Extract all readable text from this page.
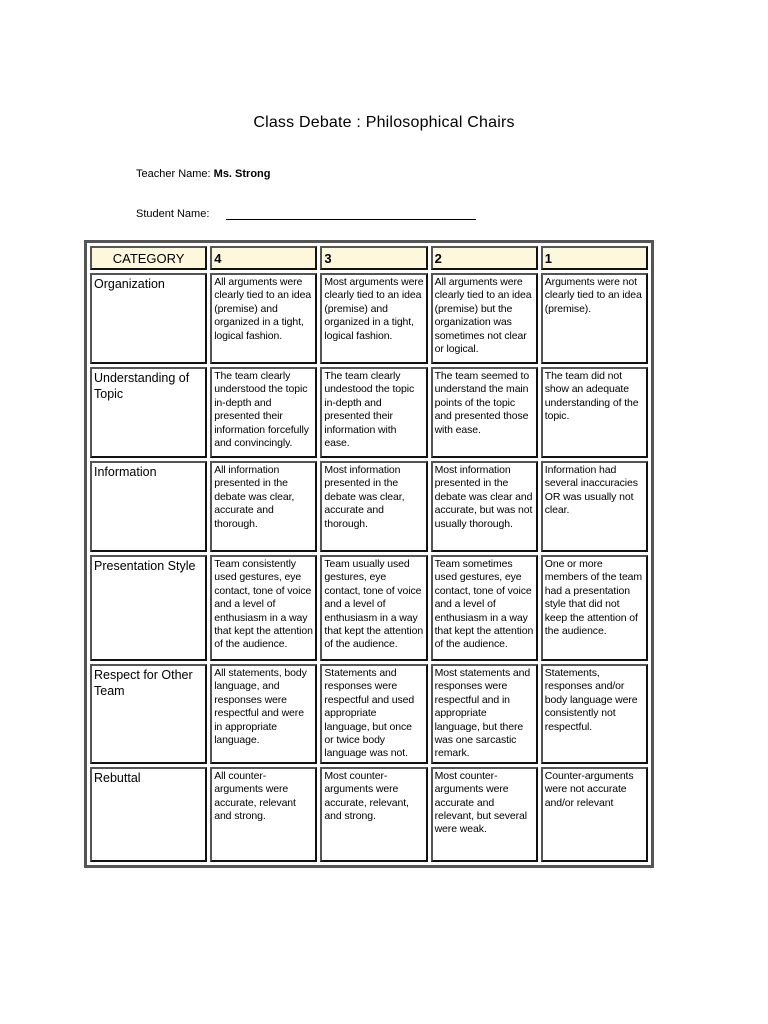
Class Debate : Philosophical Chairs
Teacher Name: Ms. Strong
Student Name:
CATEGORY	4	3	2	1
Organization	All arguments were clearly tied to an idea (premise) and organized in a tight, logical fashion.	Most arguments were clearly tied to an idea (premise) and organized in a tight, logical fashion.	All arguments were clearly tied to an idea (premise) but the organization was sometimes not clear or logical.	Arguments were not clearly tied to an idea (premise).
Understanding of Topic	The team clearly understood the topic in-depth and presented their information forcefully and convincingly.	The team clearly undestood the topic in-depth and presented their information with ease.	The team seemed to understand the main points of the topic and presented those with ease.	The team did not show an adequate understanding of the topic.
Information	All information presented in the debate was clear, accurate and thorough.	Most information presented in the debate was clear, accurate and thorough.	Most information presented in the debate was clear and accurate, but was not usually thorough.	Information had several inaccuracies OR was usually not clear.
Presentation Style	Team consistently used gestures, eye contact, tone of voice and a level of enthusiasm in a way that kept the attention of the audience.	Team usually used gestures, eye contact, tone of voice and a level of enthusiasm in a way that kept the attention of the audience.	Team sometimes used gestures, eye contact, tone of voice and a level of enthusiasm in a way that kept the attention of the audience.	One or more members of the team had a presentation style that did not keep the attention of the audience.
Respect for Other Team	All statements, body language, and responses were respectful and were in appropriate language.	Statements and responses were respectful and used appropriate language, but once or twice body language was not.	Most statements and responses were respectful and in appropriate language, but there was one sarcastic remark.	Statements, responses and/or body language were consistently not respectful.
Rebuttal	All counter-arguments were accurate, relevant and strong.	Most counter-arguments were accurate, relevant, and strong.	Most counter-arguments were accurate and relevant, but several were weak.	Counter-arguments were not accurate and/or relevant
